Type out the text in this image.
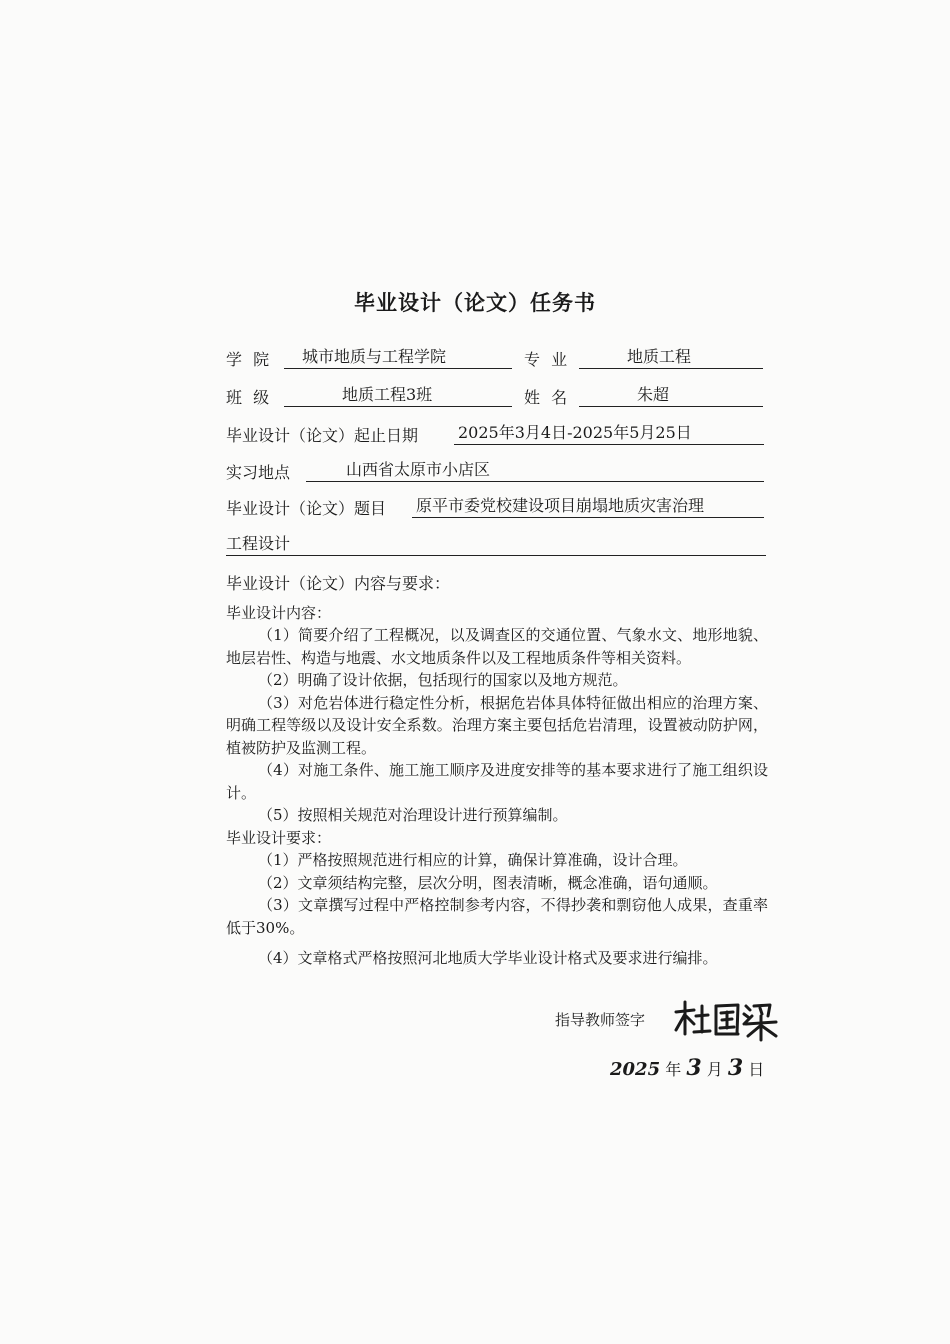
毕业设计（论文）任务书
学 院	城市地质与工程学院	专 业	地质工程
班 级	地质工程3班	姓 名	朱超
毕业设计（论文）起止日期 2025年3月4日-2025年5月25日
实习地点	山西省太原市小店区
毕业设计（论文）题目 原平市委党校建设项目崩塌地质灾害治理
工程设计

毕业设计（论文）内容与要求：

毕业设计内容：

（1）简要介绍了工程概况，以及调查区的交通位置、气象水文、地形地貌、地层岩性、构造与地震、水文地质条件以及工程地质条件等相关资料。

（2）明确了设计依据，包括现行的国家以及地方规范。

（3）对危岩体进行稳定性分析，根据危岩体具体特征做出相应的治理方案、明确工程等级以及设计安全系数。治理方案主要包括危岩清理，设置被动防护网，植被防护及监测工程。

（4）对施工条件、施工施工顺序及进度安排等的基本要求进行了施工组织设计。

（5）按照相关规范对治理设计进行预算编制。

毕业设计要求：

（1）严格按照规范进行相应的计算，确保计算准确，设计合理。

（2）文章须结构完整，层次分明，图表清晰，概念准确，语句通顺。

（3）文章撰写过程中严格控制参考内容，不得抄袭和剽窃他人成果，查重率低于30%。

（4）文章格式严格按照河北地质大学毕业设计格式及要求进行编排。

指导教师签字
2025 年 3 月 3 日
